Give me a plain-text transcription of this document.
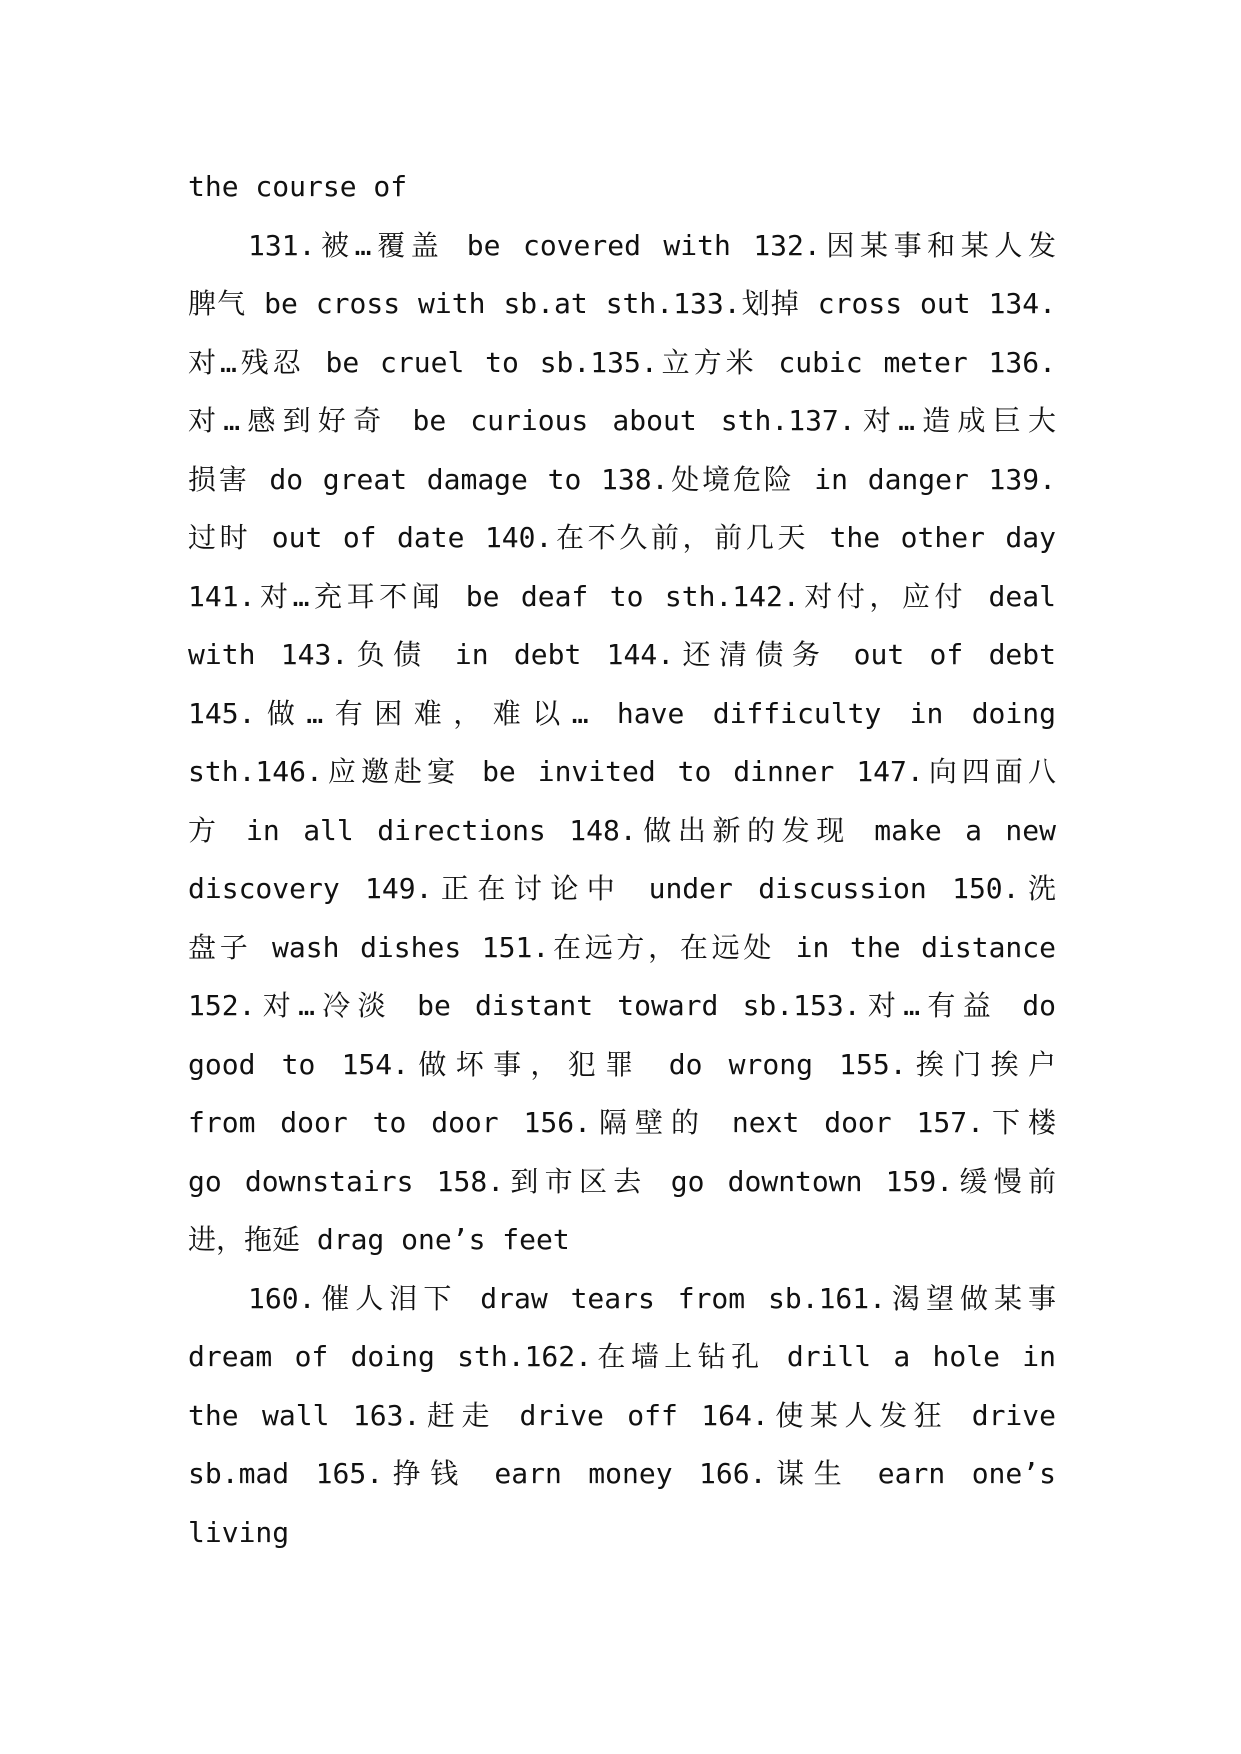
the course of

131.被…覆盖 be covered with 132.因某事和某人发
脾气 be cross with sb.at sth.133.划掉 cross out 134.
对…残忍 be cruel to sb.135.立方米 cubic meter 136.
对…感到好奇 be curious about sth.137.对…造成巨大
损害 do great damage to 138.处境危险 in danger 139.
过时 out of date 140.在不久前，前几天 the other day
141.对…充耳不闻 be deaf to sth.142.对付，应付 deal
with 143.负债 in debt 144.还清债务 out of debt
145.做…有困难，难以… have difficulty in doing
sth.146.应邀赴宴 be invited to dinner 147.向四面八
方 in all directions 148.做出新的发现 make a new
discovery 149.正在讨论中 under discussion 150.洗
盘子 wash dishes 151.在远方，在远处 in the distance
152.对…冷淡 be distant toward sb.153.对…有益 do
good to 154.做坏事，犯罪 do wrong 155.挨门挨户
from door to door 156.隔壁的 next door 157.下楼
go downstairs 158.到市区去 go downtown 159.缓慢前
进，拖延 drag one’s feet

160.催人泪下 draw tears from sb.161.渴望做某事
dream of doing sth.162.在墙上钻孔 drill a hole in
the wall 163.赶走 drive off 164.使某人发狂 drive
sb.mad 165.挣钱 earn money 166.谋生 earn one’s
living
